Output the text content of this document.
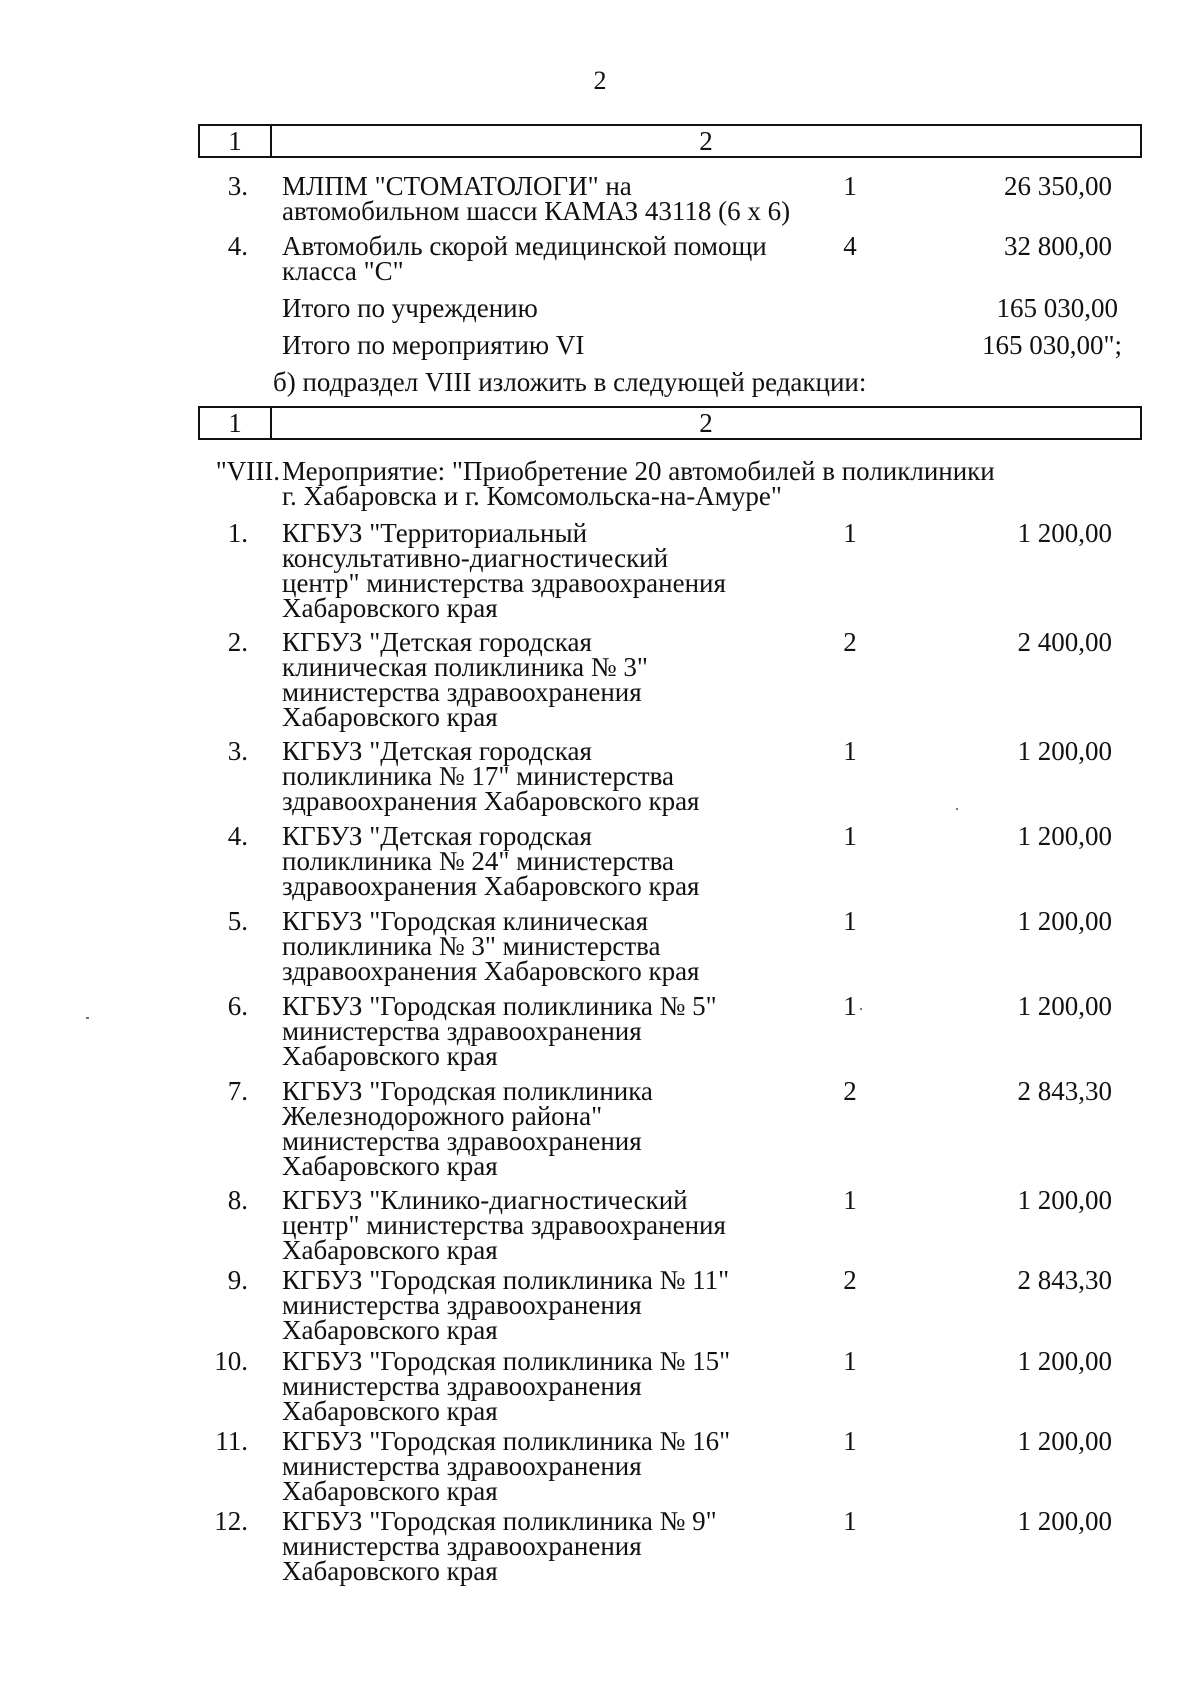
2
1	2
3. МЛПМ "СТОМАТОЛОГИ" на
автомобильном шасси КАМАЗ 43118 (6 х 6)
1	26 350,00
4. Автомобиль скорой медицинской помощи
класса "С"
4	32 800,00
Итого по учреждению	165 030,00
Итого по мероприятию VI	165 030,00";
б) подраздел VIII изложить в следующей редакции:
1	2
"VIII. Мероприятие: "Приобретение 20 автомобилей в поликлиники
г. Хабаровска и г. Комсомольска-на-Амуре"
1. КГБУЗ "Территориальный
консультативно-диагностический
центр" министерства здравоохранения
Хабаровского края
1	1 200,00
2. КГБУЗ "Детская городская
клиническая поликлиника № 3"
министерства здравоохранения
Хабаровского края
2	2 400,00
3. КГБУЗ "Детская городская
поликлиника № 17" министерства
здравоохранения Хабаровского края
1	1 200,00
4. КГБУЗ "Детская городская
поликлиника № 24" министерства
здравоохранения Хабаровского края
1	1 200,00
5. КГБУЗ "Городская клиническая
поликлиника № 3" министерства
здравоохранения Хабаровского края
1	1 200,00
6. КГБУЗ "Городская поликлиника № 5"
министерства здравоохранения
Хабаровского края
1	1 200,00
7. КГБУЗ "Городская поликлиника
Железнодорожного района"
министерства здравоохранения
Хабаровского края
2	2 843,30
8. КГБУЗ "Клинико-диагностический
центр" министерства здравоохранения
Хабаровского края
1	1 200,00
9. КГБУЗ "Городская поликлиника № 11"
министерства здравоохранения
Хабаровского края
2	2 843,30
10. КГБУЗ "Городская поликлиника № 15"
министерства здравоохранения
Хабаровского края
1	1 200,00
11. КГБУЗ "Городская поликлиника № 16"
министерства здравоохранения
Хабаровского края
1	1 200,00
12. КГБУЗ "Городская поликлиника № 9"
министерства здравоохранения
Хабаровского края
1	1 200,00
